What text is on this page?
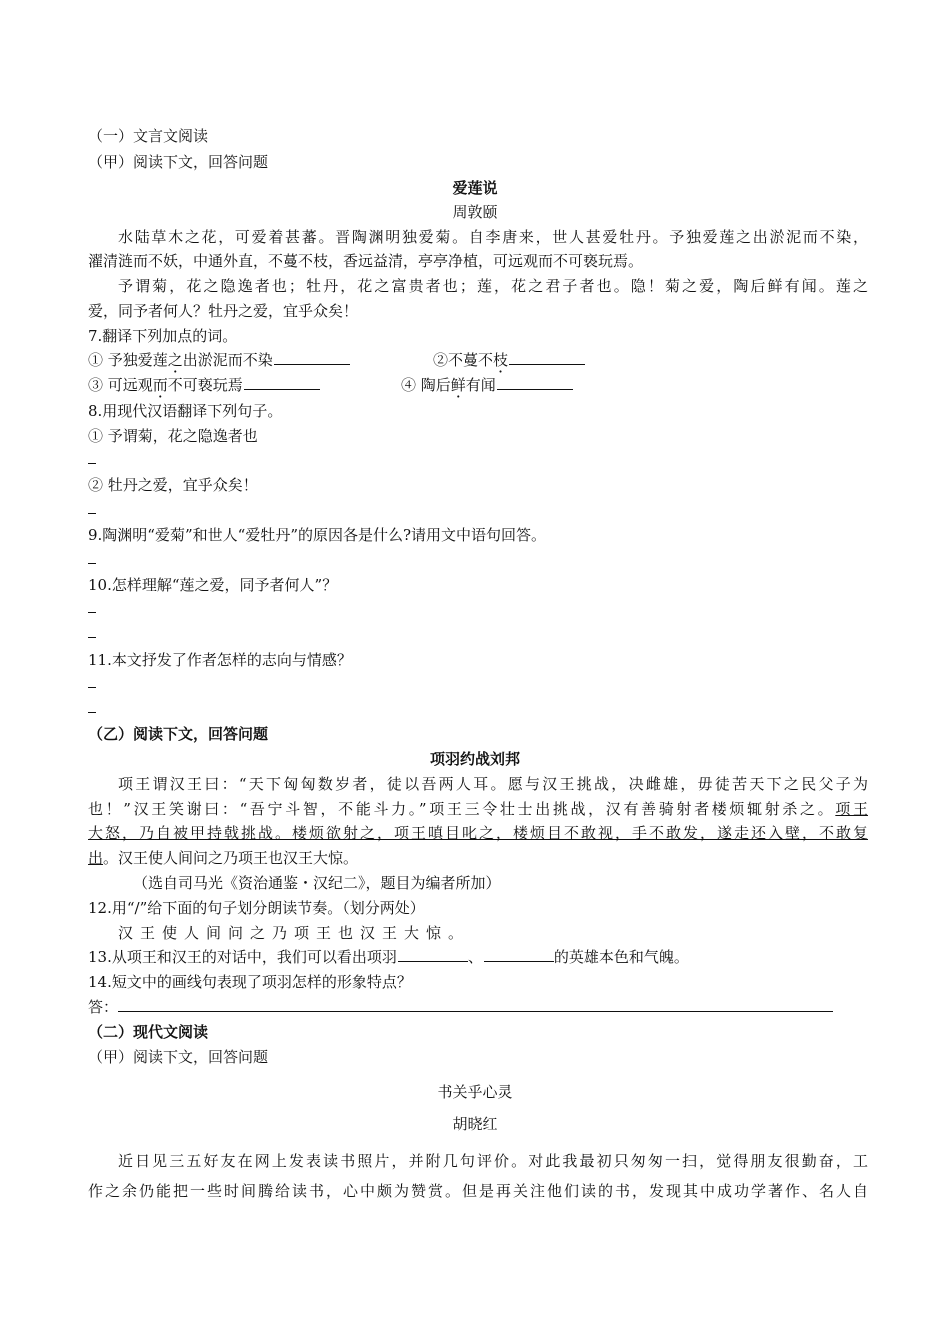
（一）文言文阅读
（甲）阅读下文，回答问题
爱莲说
周敦颐
水陆草木之花，可爱着甚蕃。晋陶渊明独爱菊。自李唐来，世人甚爱牡丹。予独爱莲之出淤泥而不染，
濯清涟而不妖，中通外直，不蔓不枝，香远益清，亭亭净植，可远观而不可亵玩焉。
予谓菊，花之隐逸者也；牡丹，花之富贵者也；莲，花之君子者也。隐！菊之爱，陶后鲜有闻。莲之
爱，同予者何人？牡丹之爱，宜乎众矣！
7.翻译下列加点的词。
① 予独爱莲之出淤泥而不染	②不蔓不枝
③ 可远观而不可亵玩焉	④ 陶后鲜有闻
8.用现代汉语翻译下列句子。
① 予谓菊，花之隐逸者也
② 牡丹之爱，宜乎众矣！
9.陶渊明“爱菊”和世人“爱牡丹”的原因各是什么?请用文中语句回答。
10.怎样理解“莲之爱，同予者何人”？
11.本文抒发了作者怎样的志向与情感？
（乙）阅读下文，回答问题
项羽约战刘邦
项王谓汉王曰：“天下匈匈数岁者，徒以吾两人耳。愿与汉王挑战，决雌雄，毋徒苦天下之民父子为
也！”汉王笑谢曰：“吾宁斗智，不能斗力。”项王三令壮士出挑战，汉有善骑射者楼烦辄射杀之。项王
大怒，乃自被甲持戟挑战。楼烦欲射之，项王嗔目叱之，楼烦目不敢视，手不敢发，遂走还入壁，不敢复
出。汉王使人间问之乃项王也汉王大惊。
（选自司马光《资治通鉴・汉纪二》，题目为编者所加）
12.用“/”给下面的句子划分朗读节奏。（划分两处）
汉王使人间问之乃项王也汉王大惊。
13.从项王和汉王的对话中，我们可以看出项羽	、	的英雄本色和气魄。
14.短文中的画线句表现了项羽怎样的形象特点？
答：
（二）现代文阅读
（甲）阅读下文，回答问题
书关乎心灵
胡晓红
近日见三五好友在网上发表读书照片，并附几句评价。对此我最初只匆匆一扫，觉得朋友很勤奋，工
作之余仍能把一些时间腾给读书，心中颇为赞赏。但是再关注他们读的书，发现其中成功学著作、名人自
